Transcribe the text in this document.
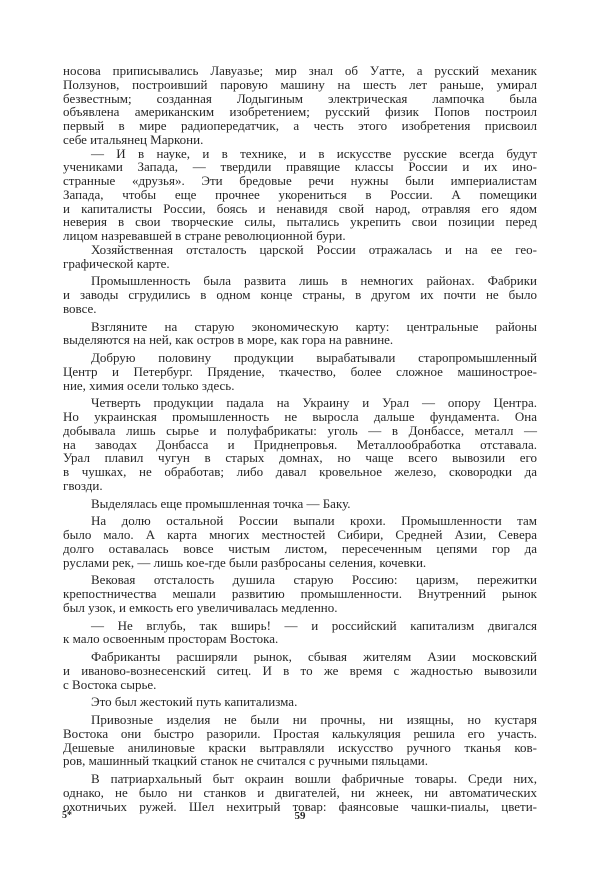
носова приписывались Лавуазье; мир знал об Уатте, а русский механик
Ползунов, построивший паровую машину на шесть лет раньше, умирал
безвестным; созданная Лодыгиным электрическая лампочка была
объявлена американским изобретением; русский физик Попов построил
первый в мире радиопередатчик, а честь этого изобретения присвоил
себе итальянец Маркони.
— И в науке, и в технике, и в искусстве русские всегда будут
учениками Запада, — твердили правящие классы России и их ино-
странные «друзья». Эти бредовые речи нужны были империалистам
Запада, чтобы еще прочнее укорениться в России. А помещики
и капиталисты России, боясь и ненавидя свой народ, отравляя его ядом
неверия в свои творческие силы, пытались укрепить свои позиции перед
лицом назревавшей в стране революционной бури.
Хозяйственная отсталость царской России отражалась и на ее гео-
графической карте.
Промышленность была развита лишь в немногих районах. Фабрики
и заводы сгрудились в одном конце страны, в другом их почти не было
вовсе.
Взгляните на старую экономическую карту: центральные районы
выделяются на ней, как остров в море, как гора на равнине.
Добрую половину продукции вырабатывали старопромышленный
Центр и Петербург. Прядение, ткачество, более сложное машинострое-
ние, химия осели только здесь.
Четверть продукции падала на Украину и Урал — опору Центра.
Но украинская промышленность не выросла дальше фундамента. Она
добывала лишь сырье и полуфабрикаты: уголь — в Донбассе, металл —
на заводах Донбасса и Приднепровья. Металлообработка отставала.
Урал плавил чугун в старых домнах, но чаще всего вывозили его
в чушках, не обработав; либо давал кровельное железо, сковородки да
гвозди.
Выделялась еще промышленная точка — Баку.
На долю остальной России выпали крохи. Промышленности там
было мало. А карта многих местностей Сибири, Средней Азии, Севера
долго оставалась вовсе чистым листом, пересеченным цепями гор да
руслами рек, — лишь кое-где были разбросаны селения, кочевки.
Вековая отсталость душила старую Россию: царизм, пережитки
крепостничества мешали развитию промышленности. Внутренний рынок
был узок, и емкость его увеличивалась медленно.
— Не вглубь, так вширь! — и российский капитализм двигался
к мало освоенным просторам Востока.
Фабриканты расширяли рынок, сбывая жителям Азии московский
и иваново-вознесенский ситец. И в то же время с жадностью вывозили
с Востока сырье.
Это был жестокий путь капитализма.
Привозные изделия не были ни прочны, ни изящны, но кустаря
Востока они быстро разорили. Простая калькуляция решила его участь.
Дешевые анилиновые краски вытравляли искусство ручного тканья ков-
ров, машинный ткацкий станок не считался с ручными пяльцами.
В патриархальный быт окраин вошли фабричные товары. Среди них,
однако, не было ни станков и двигателей, ни жнеек, ни автоматических
охотничьих ружей. Шел нехитрый товар: фаянсовые чашки-пиалы, цвети-
5*	59
